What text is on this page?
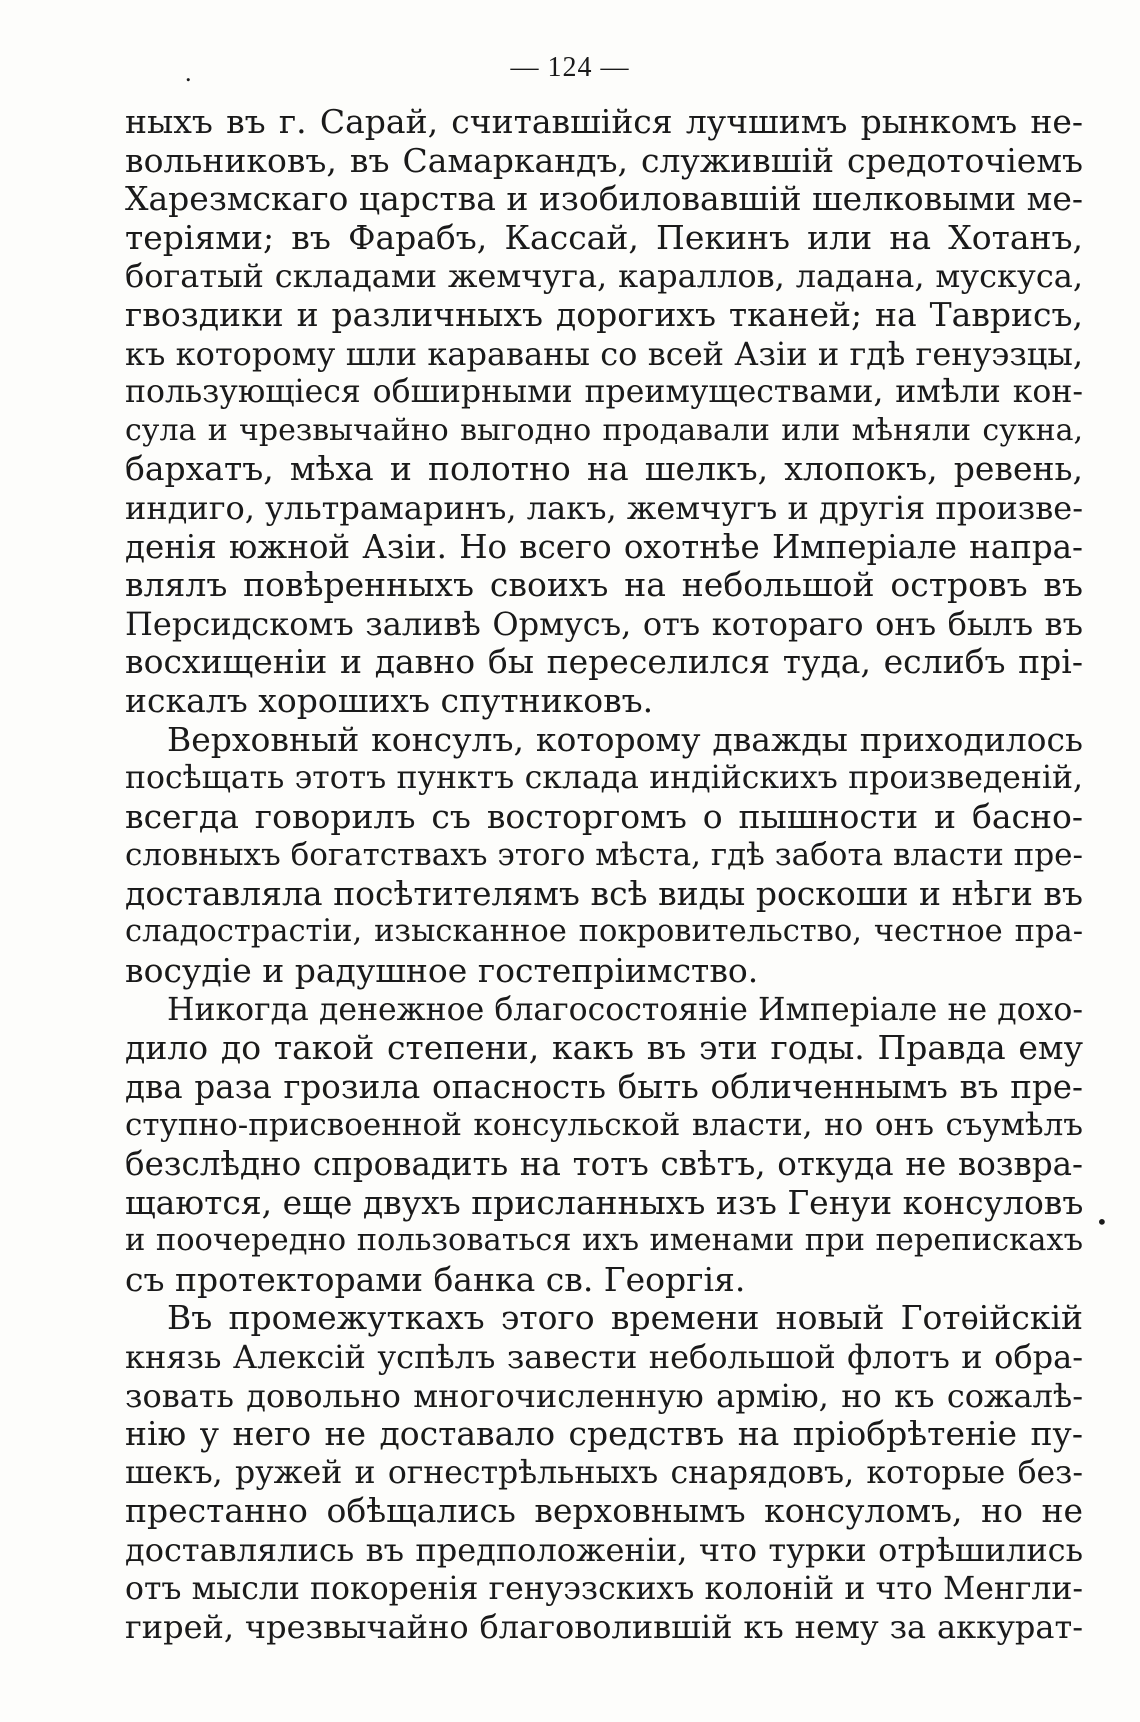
.	— 124 —
ныхъ въ г. Сарай, считавшійся лучшимъ рынкомъ не-
вольниковъ, въ Самаркандъ, служившій средоточіемъ
Харезмскаго царства и изобиловавшій шелковыми ме-
теріями; въ Фарабъ, Кассай, Пекинъ или на Хотанъ,
богатый складами жемчуга, караллов, ладана, мускуса,
гвоздики и различныхъ дорогихъ тканей; на Таврисъ,
къ которому шли караваны со всей Азіи и гдѣ генуэзцы,
пользующіеся обширными преимуществами, имѣли кон-
сула и чрезвычайно выгодно продавали или мѣняли сукна,
бархатъ, мѣха и полотно на шелкъ, хлопокъ, ревень,
индиго, ультрамаринъ, лакъ, жемчугъ и другія произве-
денія южной Азіи. Но всего охотнѣе Имперіале напра-
влялъ повѣренныхъ своихъ на небольшой островъ въ
Персидскомъ заливѣ Ормусъ, отъ котораго онъ былъ въ
восхищеніи и давно бы переселился туда, еслибъ прі-
искалъ хорошихъ спутниковъ.
Верховный консулъ, которому дважды приходилось
посѣщать этотъ пунктъ склада индійскихъ произведеній,
всегда говорилъ съ восторгомъ о пышности и басно-
словныхъ богатствахъ этого мѣста, гдѣ забота власти пре-
доставляла посѣтителямъ всѣ виды роскоши и нѣги въ
сладострастіи, изысканное покровительство, честное пра-
восудіе и радушное гостепріимство.
Никогда денежное благосостояніе Имперіале не дохо-
дило до такой степени, какъ въ эти годы. Правда ему
два раза грозила опасность быть обличеннымъ въ пре-
ступно-присвоенной консульской власти, но онъ съумѣлъ
безслѣдно спровадить на тотъ свѣтъ, откуда не возвра-
щаются, еще двухъ присланныхъ изъ Генуи консуловъ
и поочередно пользоваться ихъ именами при перепискахъ
съ протекторами банка св. Георгія.
Въ промежуткахъ этого времени новый Готѳійскій
князь Алексій успѣлъ завести небольшой флотъ и обра-
зовать довольно многочисленную армію, но къ сожалѣ-
нію у него не доставало средствъ на пріобрѣтеніе пу-
шекъ, ружей и огнестрѣльныхъ снарядовъ, которые без-
престанно обѣщались верховнымъ консуломъ, но не
доставлялись въ предположеніи, что турки отрѣшились
отъ мысли покоренія генуэзскихъ колоній и что Менгли-
гирей, чрезвычайно благоволившій къ нему за аккурат-
•
